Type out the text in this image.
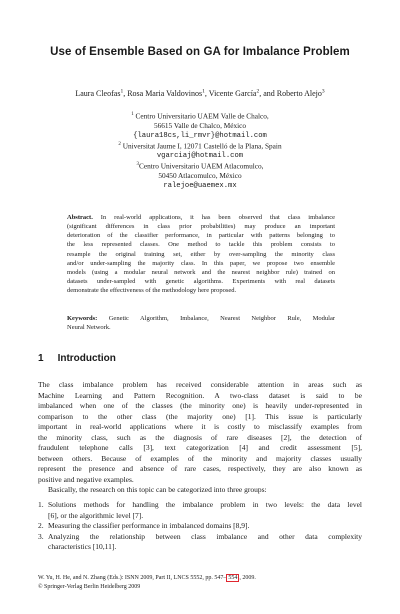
Use of Ensemble Based on GA for Imbalance Problem
Laura Cleofas$^1$, Rosa Maria Valdovinos$^1$, Vicente García$^2$, and Roberto Alejo$^3$
$^1$ Centro Universitario UAEM Valle de Chalco,
56615 Valle de Chalco, México
{laura18cs,li_rmvr}@hotmail.com
$^2$ Universitat Jaume I, 12071 Castelló de la Plana, Spain
vgarciaj@hotmail.com
$^3$Centro Universitario UAEM Atlacomulco,
50450 Atlacomulco, México
ralejoe@uaemex.mx
Abstract. In real-world applications, it has been observed that class imbalance
(significant differences in class prior probabilities) may produce an important
deterioration of the classifier performance, in particular with patterns belonging to
the less represented classes. One method to tackle this problem consists to
resample the original training set, either by over-sampling the minority class
and/or under-sampling the majority class. In this paper, we propose two ensemble
models (using a modular neural network and the nearest neighbor rule) trained on
datasets under-sampled with genetic algorithms. Experiments with real datasets
demonstrate the effectiveness of the methodology here proposed.
Keywords: Genetic Algorithm, Imbalance, Nearest Neighbor Rule, Modular
Neural Network.
1 Introduction
The class imbalance problem has received considerable attention in areas such as
Machine Learning and Pattern Recognition. A two-class dataset is said to be
imbalanced when one of the classes (the minority one) is heavily under-represented in
comparison to the other class (the majority one) [1]. This issue is particularly
important in real-world applications where it is costly to misclassify examples from
the minority class, such as the diagnosis of rare diseases [2], the detection of
fraudulent telephone calls [3], text categorization [4] and credit assessment [5],
between others. Because of examples of the minority and majority classes usually
represent the presence and absence of rare cases, respectively, they are also known as
positive and negative examples.
Basically, the research on this topic can be categorized into three groups:
1. Solutions methods for handling the imbalance problem in two levels: the data level
[6], or the algorithmic level [7].
2. Measuring the classifier performance in imbalanced domains [8,9].
3. Analyzing the relationship between class imbalance and other data complexity
characteristics [10,11].
W. Yu, H. He, and N. Zhang (Eds.): ISNN 2009, Part II, LNCS 5552, pp. 547– 554 , 2009.
© Springer-Verlag Berlin Heidelberg 2009
